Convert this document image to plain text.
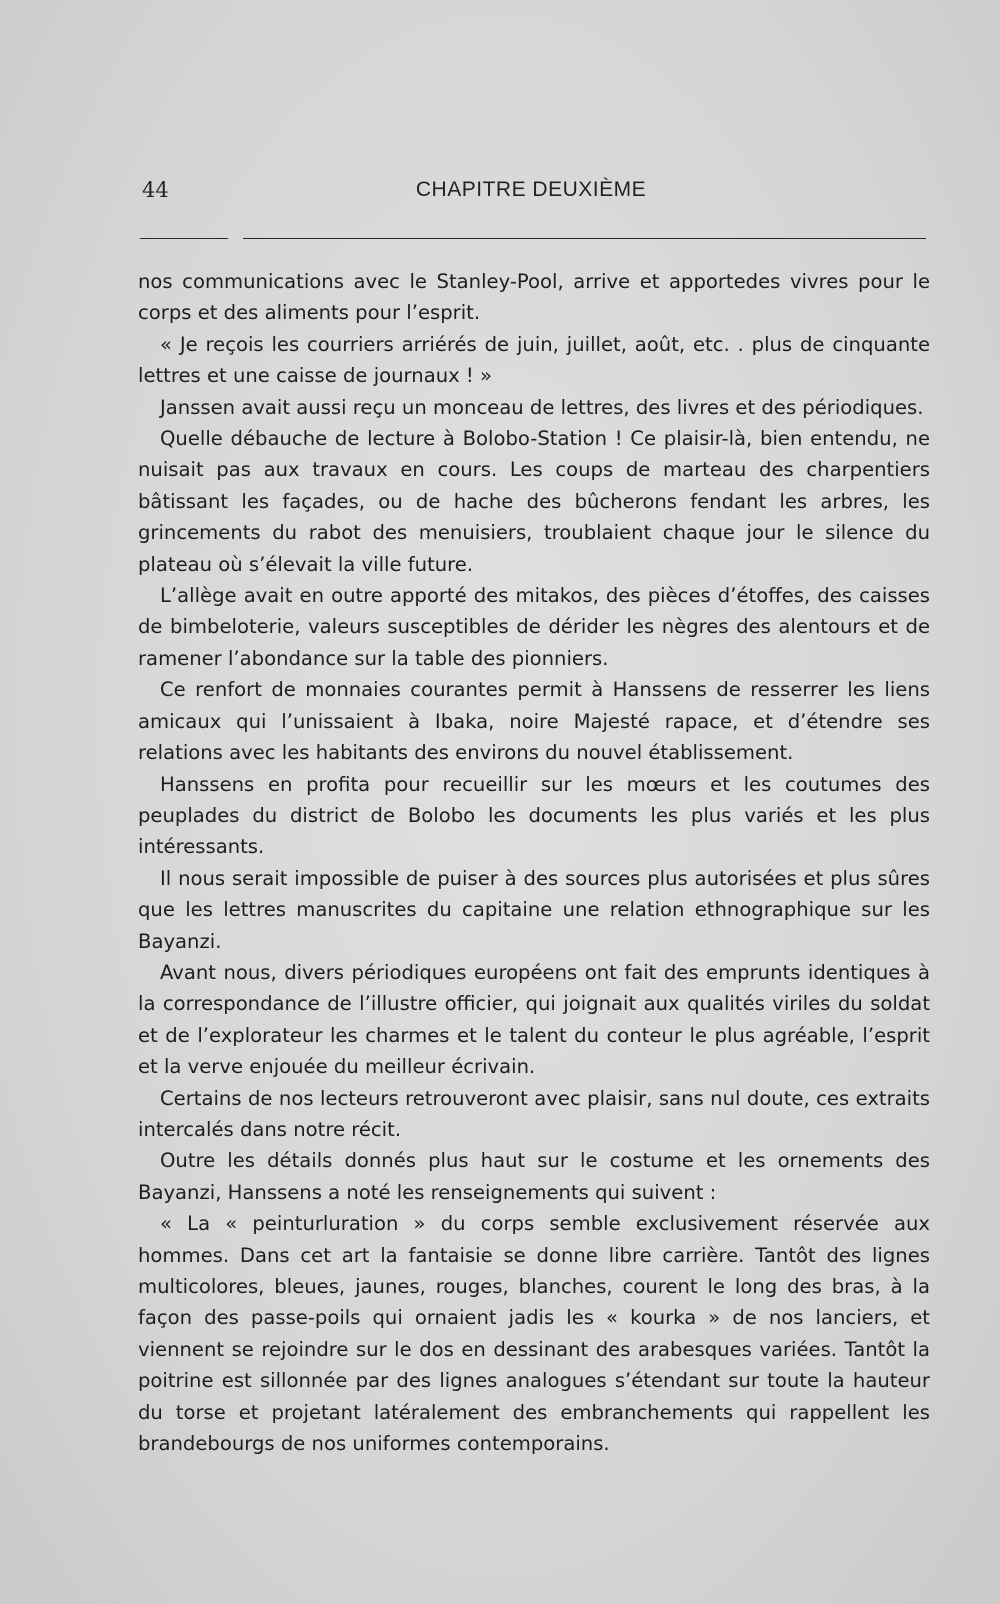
44	CHAPITRE DEUXIÈME

nos communications avec le Stanley-Pool, arrive et apportedes vivres pour le corps et des aliments pour l’esprit.

« Je reçois les courriers arriérés de juin, juillet, août, etc. . plus de cinquante lettres et une caisse de journaux ! »

Janssen avait aussi reçu un monceau de lettres, des livres et des périodiques.

Quelle débauche de lecture à Bolobo-Station ! Ce plaisir-là, bien entendu, ne nuisait pas aux travaux en cours. Les coups de marteau des charpentiers bâtissant les façades, ou de hache des bûcherons fendant les arbres, les grincements du rabot des menuisiers, troublaient chaque jour le silence du plateau où s’élevait la ville future.

L’allège avait en outre apporté des mitakos, des pièces d’étoffes, des caisses de bimbeloterie, valeurs susceptibles de dérider les nègres des alentours et de ramener l’abondance sur la table des pionniers.

Ce renfort de monnaies courantes permit à Hanssens de resserrer les liens amicaux qui l’unissaient à Ibaka, noire Majesté rapace, et d’étendre ses relations avec les habitants des environs du nouvel établissement.

Hanssens en profita pour recueillir sur les mœurs et les coutumes des peuplades du district de Bolobo les documents les plus variés et les plus intéressants.

Il nous serait impossible de puiser à des sources plus autorisées et plus sûres que les lettres manuscrites du capitaine une relation ethnographique sur les Bayanzi.

Avant nous, divers périodiques européens ont fait des emprunts identiques à la correspondance de l’illustre officier, qui joignait aux qualités viriles du soldat et de l’explorateur les charmes et le talent du conteur le plus agréable, l’esprit et la verve enjouée du meilleur écrivain.

Certains de nos lecteurs retrouveront avec plaisir, sans nul doute, ces extraits intercalés dans notre récit.

Outre les détails donnés plus haut sur le costume et les ornements des Bayanzi, Hanssens a noté les renseignements qui suivent :

« La « peinturluration » du corps semble exclusivement réservée aux hommes. Dans cet art la fantaisie se donne libre carrière. Tantôt des lignes multicolores, bleues, jaunes, rouges, blanches, courent le long des bras, à la façon des passe-poils qui ornaient jadis les « kourka » de nos lanciers, et viennent se rejoindre sur le dos en dessinant des arabesques variées. Tantôt la poitrine est sillonnée par des lignes analogues s’étendant sur toute la hauteur du torse et projetant latéralement des embranchements qui rappellent les brandebourgs de nos uniformes contemporains.
